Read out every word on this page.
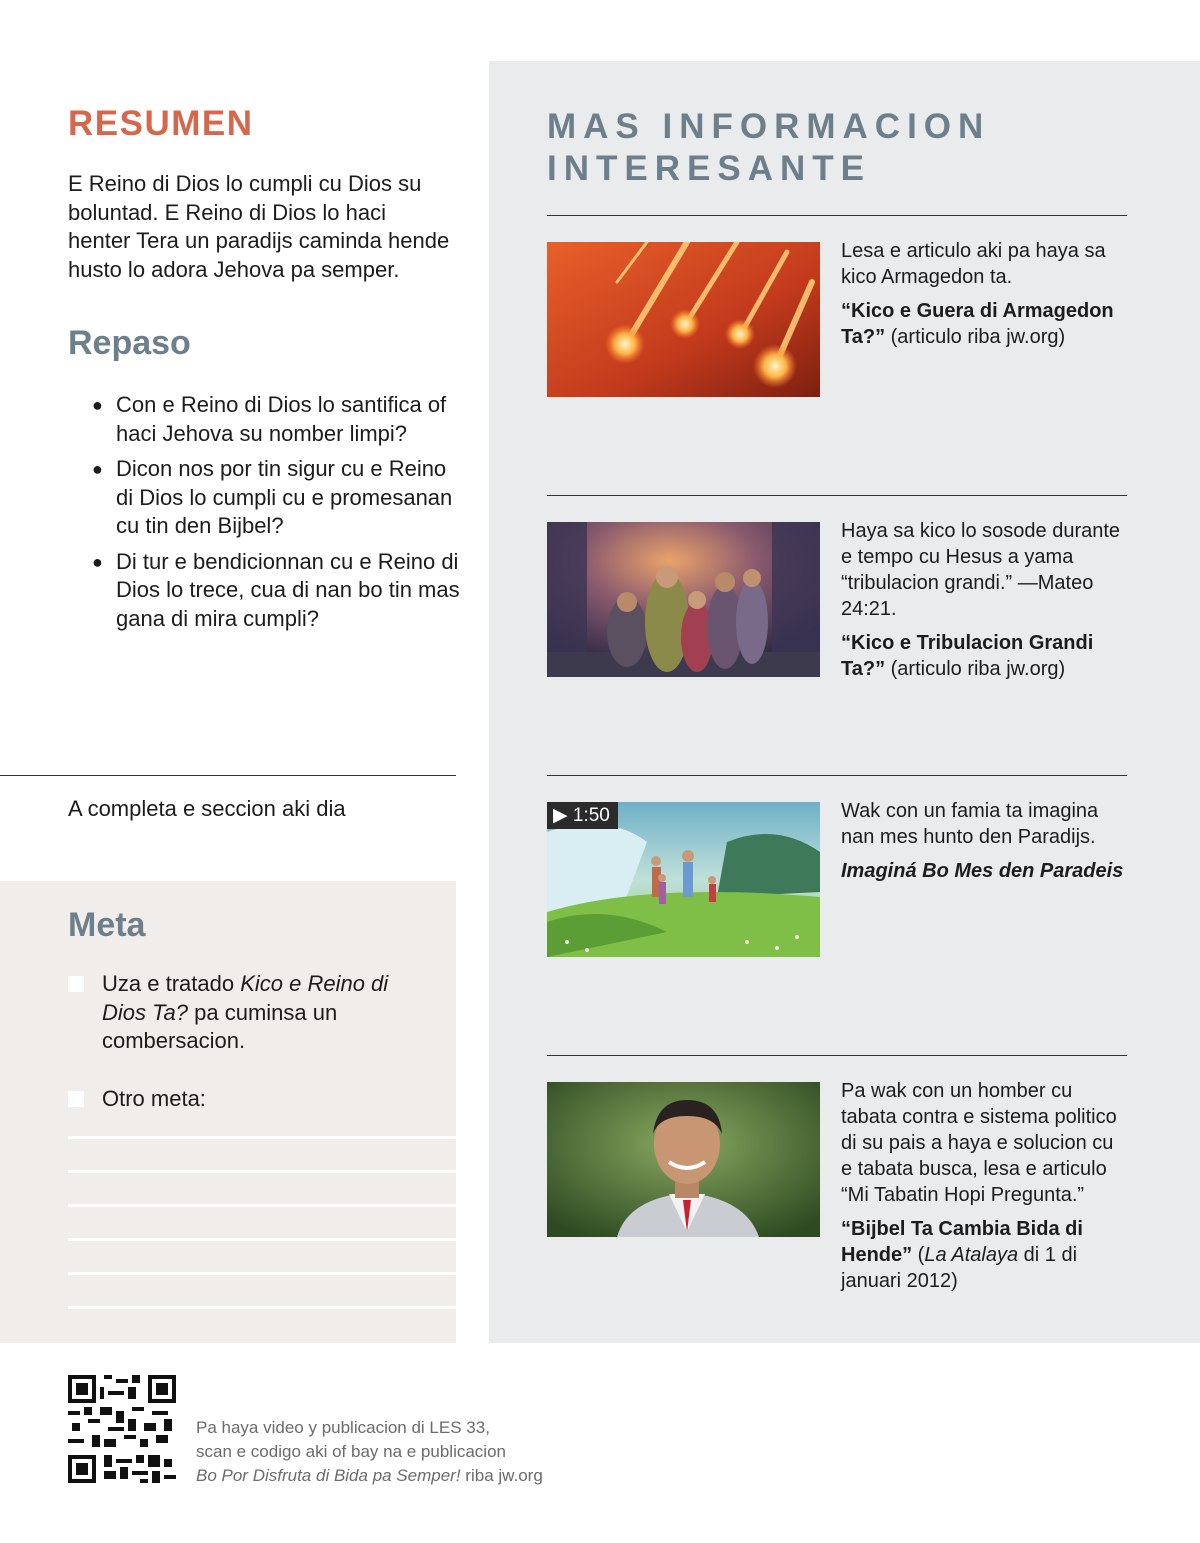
RESUMEN
E Reino di Dios lo cumpli cu Dios su boluntad. E Reino di Dios lo haci henter Tera un paradijs caminda hende husto lo adora Jehova pa semper.
Repaso
● Con e Reino di Dios lo santifica of haci Jehova su nomber limpi?
● Dicon nos por tin sigur cu e Reino di Dios lo cumpli cu e promesanan cu tin den Bijbel?
● Di tur e bendicionnan cu e Reino di Dios lo trece, cua di nan bo tin mas gana di mira cumpli?
A completa e seccion aki dia
Meta
Uza e tratado Kico e Reino di Dios Ta? pa cuminsa un combersacion.
Otro meta:
MAS INFORMACION
INTERESANTE
Lesa e articulo aki pa haya sa kico Armagedon ta.
“Kico e Guera di Armagedon Ta?” (articulo riba jw.org)
Haya sa kico lo sosode durante e tempo cu Hesus a yama “tribulacion grandi.” —Mateo 24:21.
“Kico e Tribulacion Grandi Ta?” (articulo riba jw.org)
▶ 1:50	Wak con un famia ta imagina nan mes hunto den Paradijs.
Imaginá Bo Mes den Paradeis
Pa wak con un homber cu tabata contra e sistema politico di su pais a haya e solucion cu e tabata busca, lesa e articulo “Mi Tabatin Hopi Pregunta.”
“Bijbel Ta Cambia Bida di Hende” (La Atalaya di 1 di januari 2012)
Pa haya video y publicacion di LES 33,
scan e codigo aki of bay na e publicacion
Bo Por Disfruta di Bida pa Semper! riba jw.org
